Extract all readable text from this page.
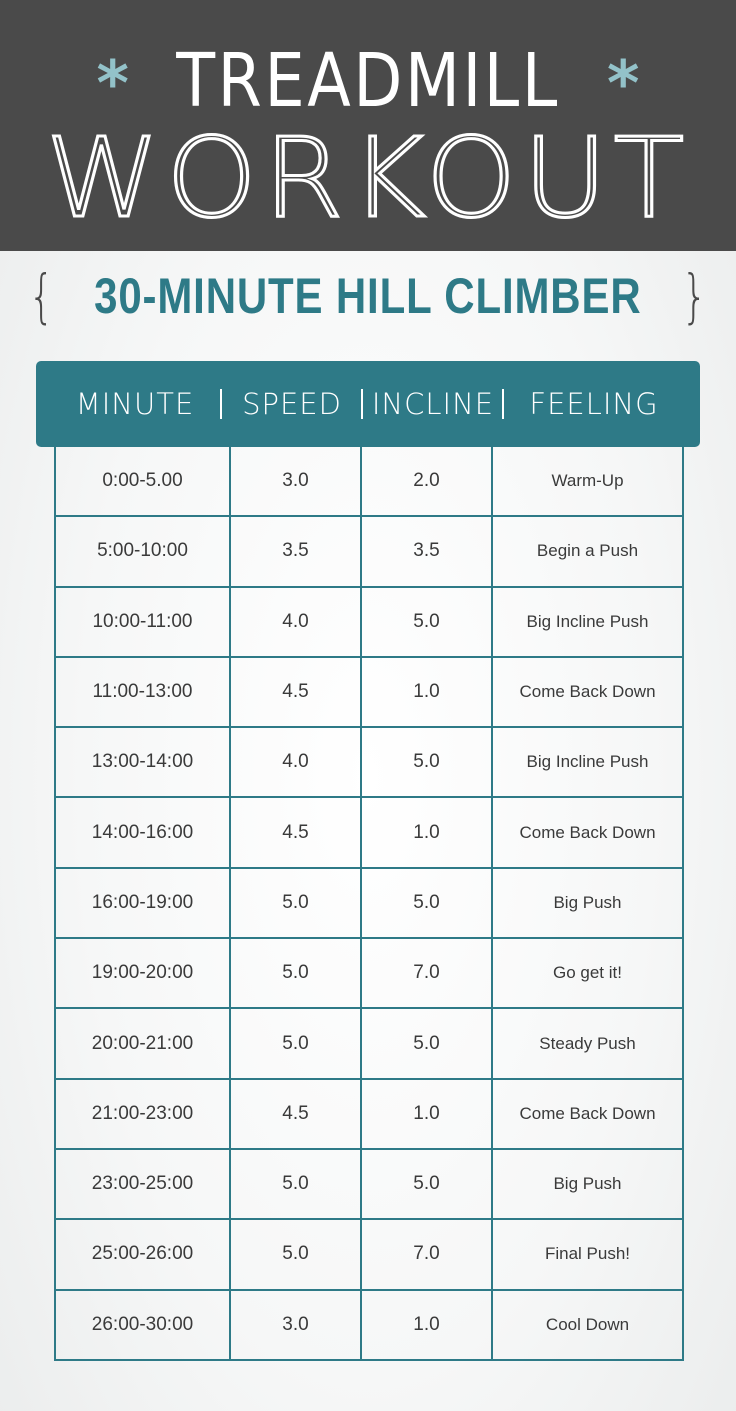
* TREADMILL *
WORKOUT
{ 30-MINUTE HILL CLIMBER }
MINUTE	SPEED	INCLINE	FEELING
0:00-5.00	3.0	2.0	Warm-Up
5:00-10:00	3.5	3.5	Begin a Push
10:00-11:00	4.0	5.0	Big Incline Push
11:00-13:00	4.5	1.0	Come Back Down
13:00-14:00	4.0	5.0	Big Incline Push
14:00-16:00	4.5	1.0	Come Back Down
16:00-19:00	5.0	5.0	Big Push
19:00-20:00	5.0	7.0	Go get it!
20:00-21:00	5.0	5.0	Steady Push
21:00-23:00	4.5	1.0	Come Back Down
23:00-25:00	5.0	5.0	Big Push
25:00-26:00	5.0	7.0	Final Push!
26:00-30:00	3.0	1.0	Cool Down
